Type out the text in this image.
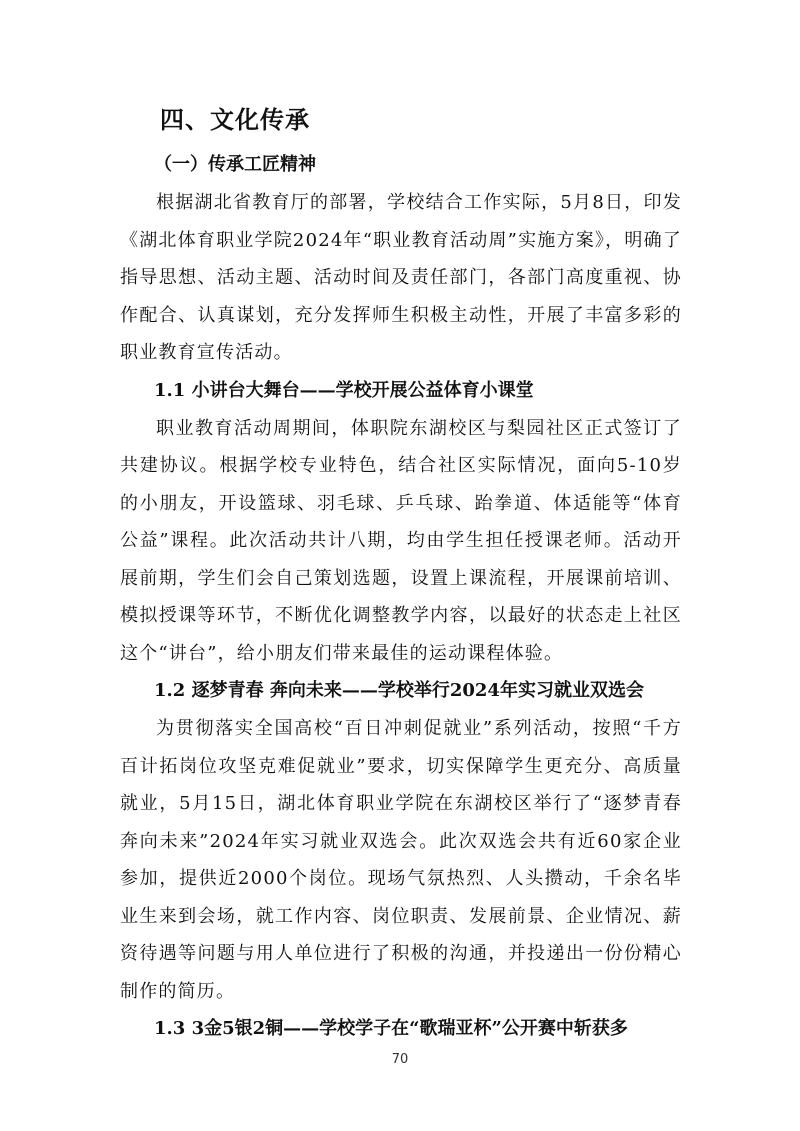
四、文化传承
（一）传承工匠精神

根据湖北省教育厅的部署，学校结合工作实际，5月8日，印发《湖北体育职业学院2024年“职业教育活动周”实施方案》，明确了指导思想、活动主题、活动时间及责任部门，各部门高度重视、协作配合、认真谋划，充分发挥师生积极主动性，开展了丰富多彩的职业教育宣传活动。

1.1 小讲台大舞台——学校开展公益体育小课堂

职业教育活动周期间，体职院东湖校区与梨园社区正式签订了共建协议。根据学校专业特色，结合社区实际情况，面向5-10岁的小朋友，开设篮球、羽毛球、乒乓球、跆拳道、体适能等“体育公益”课程。此次活动共计八期，均由学生担任授课老师。活动开展前期，学生们会自己策划选题，设置上课流程，开展课前培训、模拟授课等环节，不断优化调整教学内容，以最好的状态走上社区这个“讲台”，给小朋友们带来最佳的运动课程体验。

1.2 逐梦青春 奔向未来——学校举行2024年实习就业双选会

为贯彻落实全国高校“百日冲刺促就业”系列活动，按照“千方百计拓岗位攻坚克难促就业”要求，切实保障学生更充分、高质量就业，5月15日，湖北体育职业学院在东湖校区举行了“逐梦青春奔向未来”2024年实习就业双选会。此次双选会共有近60家企业参加，提供近2000个岗位。现场气氛热烈、人头攒动，千余名毕业生来到会场，就工作内容、岗位职责、发展前景、企业情况、薪资待遇等问题与用人单位进行了积极的沟通，并投递出一份份精心制作的简历。

1.3 3金5银2铜——学校学子在“歌瑞亚杯”公开赛中斩获多
70
